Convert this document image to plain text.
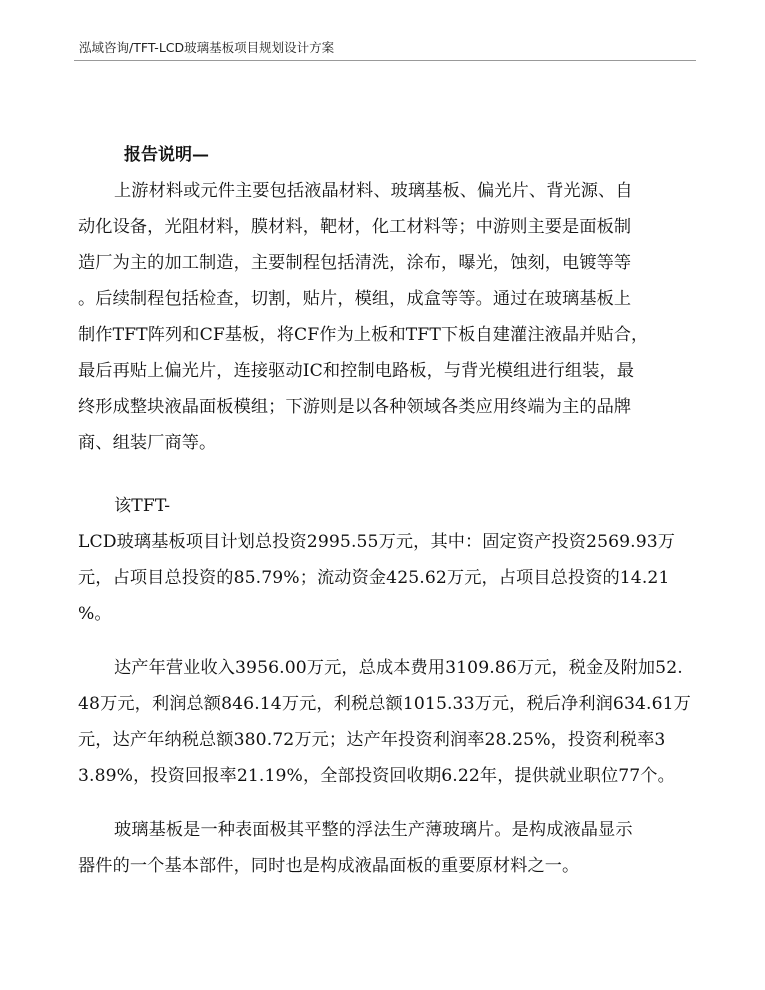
泓域咨询/TFT-LCD玻璃基板项目规划设计方案
报告说明—
上游材料或元件主要包括液晶材料、玻璃基板、偏光片、背光源、自
动化设备，光阻材料，膜材料，靶材，化工材料等；中游则主要是面板制
造厂为主的加工制造，主要制程包括清洗，涂布，曝光，蚀刻，电镀等等
。后续制程包括检查，切割，贴片，模组，成盒等等。通过在玻璃基板上
制作TFT阵列和CF基板，将CF作为上板和TFT下板自建灌注液晶并贴合，
最后再贴上偏光片，连接驱动IC和控制电路板，与背光模组进行组装，最
终形成整块液晶面板模组；下游则是以各种领域各类应用终端为主的品牌
商、组装厂商等。
该TFT-
LCD玻璃基板项目计划总投资2995.55万元，其中：固定资产投资2569.93万
元，占项目总投资的85.79%；流动资金425.62万元，占项目总投资的14.21
%。
达产年营业收入3956.00万元，总成本费用3109.86万元，税金及附加52.
48万元，利润总额846.14万元，利税总额1015.33万元，税后净利润634.61万
元，达产年纳税总额380.72万元；达产年投资利润率28.25%，投资利税率3
3.89%，投资回报率21.19%，全部投资回收期6.22年，提供就业职位77个。
玻璃基板是一种表面极其平整的浮法生产薄玻璃片。是构成液晶显示
器件的一个基本部件，同时也是构成液晶面板的重要原材料之一。
